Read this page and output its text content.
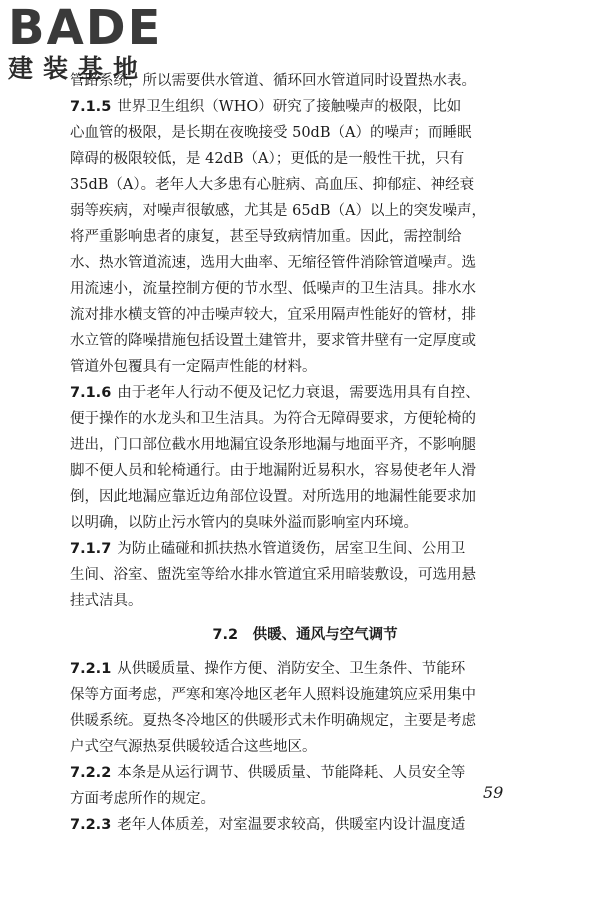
BADE
建装基地
管路系统，所以需要供水管道、循环回水管道同时设置热水表。
7.1.5 世界卫生组织（WHO）研究了接触噪声的极限，比如
心血管的极限，是长期在夜晚接受 50dB（A）的噪声；而睡眠
障碍的极限较低，是 42dB（A）；更低的是一般性干扰，只有
35dB（A）。老年人大多患有心脏病、高血压、抑郁症、神经衰
弱等疾病，对噪声很敏感，尤其是 65dB（A）以上的突发噪声，
将严重影响患者的康复，甚至导致病情加重。因此，需控制给
水、热水管道流速，选用大曲率、无缩径管件消除管道噪声。选
用流速小，流量控制方便的节水型、低噪声的卫生洁具。排水水
流对排水横支管的冲击噪声较大，宜采用隔声性能好的管材，排
水立管的降噪措施包括设置土建管井，要求管井壁有一定厚度或
管道外包覆具有一定隔声性能的材料。
7.1.6 由于老年人行动不便及记忆力衰退，需要选用具有自控、
便于操作的水龙头和卫生洁具。为符合无障碍要求，方便轮椅的
进出，门口部位截水用地漏宜设条形地漏与地面平齐，不影响腿
脚不便人员和轮椅通行。由于地漏附近易积水，容易使老年人滑
倒，因此地漏应靠近边角部位设置。对所选用的地漏性能要求加
以明确，以防止污水管内的臭味外溢而影响室内环境。
7.1.7 为防止磕碰和抓扶热水管道烫伤，居室卫生间、公用卫
生间、浴室、盥洗室等给水排水管道宜采用暗装敷设，可选用悬
挂式洁具。
7.2　供暖、通风与空气调节
7.2.1 从供暖质量、操作方便、消防安全、卫生条件、节能环
保等方面考虑，严寒和寒冷地区老年人照料设施建筑应采用集中
供暖系统。夏热冬冷地区的供暖形式未作明确规定，主要是考虑
户式空气源热泵供暖较适合这些地区。
7.2.2 本条是从运行调节、供暖质量、节能降耗、人员安全等
方面考虑所作的规定。
7.2.3 老年人体质差，对室温要求较高，供暖室内设计温度适
59
